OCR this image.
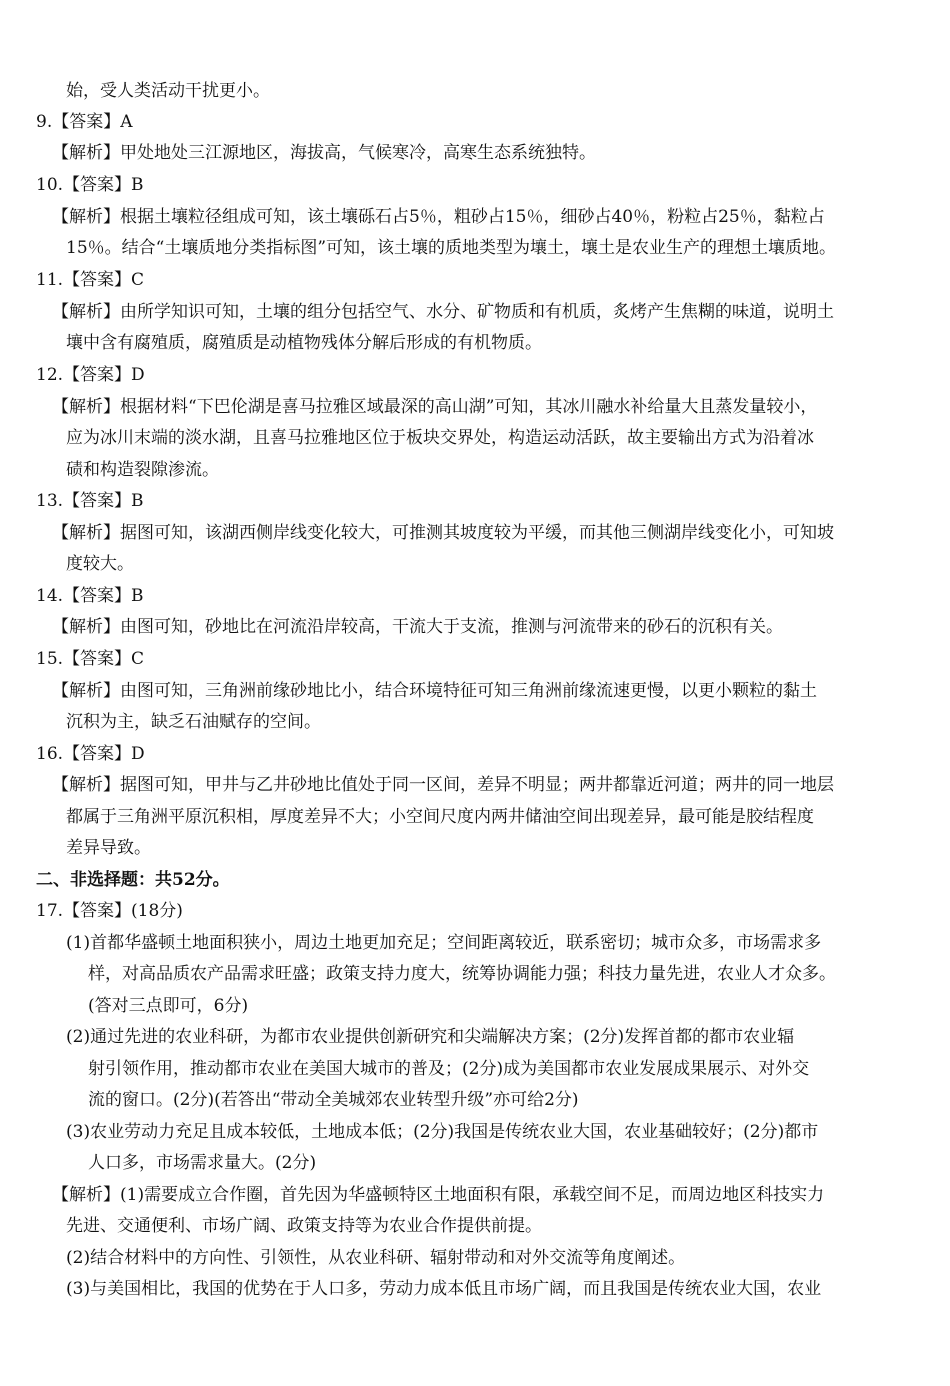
始，受人类活动干扰更小。
9.【答案】A
【解析】甲处地处三江源地区，海拔高，气候寒冷，高寒生态系统独特。
10.【答案】B
【解析】根据土壤粒径组成可知，该土壤砾石占5％，粗砂占15％，细砂占40％，粉粒占25％，黏粒占
15％。结合“土壤质地分类指标图”可知，该土壤的质地类型为壤土，壤土是农业生产的理想土壤质地。
11.【答案】C
【解析】由所学知识可知，土壤的组分包括空气、水分、矿物质和有机质，炙烤产生焦糊的味道，说明土
壤中含有腐殖质，腐殖质是动植物残体分解后形成的有机物质。
12.【答案】D
【解析】根据材料“下巴伦湖是喜马拉雅区域最深的高山湖”可知，其冰川融水补给量大且蒸发量较小，
应为冰川末端的淡水湖，且喜马拉雅地区位于板块交界处，构造运动活跃，故主要输出方式为沿着冰
碛和构造裂隙渗流。
13.【答案】B
【解析】据图可知，该湖西侧岸线变化较大，可推测其坡度较为平缓，而其他三侧湖岸线变化小，可知坡
度较大。
14.【答案】B
【解析】由图可知，砂地比在河流沿岸较高，干流大于支流，推测与河流带来的砂石的沉积有关。
15.【答案】C
【解析】由图可知，三角洲前缘砂地比小，结合环境特征可知三角洲前缘流速更慢，以更小颗粒的黏土
沉积为主，缺乏石油赋存的空间。
16.【答案】D
【解析】据图可知，甲井与乙井砂地比值处于同一区间，差异不明显；两井都靠近河道；两井的同一地层
都属于三角洲平原沉积相，厚度差异不大；小空间尺度内两井储油空间出现差异，最可能是胶结程度
差异导致。
二、非选择题：共52分。
17.【答案】(18分)
(1)首都华盛顿土地面积狭小，周边土地更加充足；空间距离较近，联系密切；城市众多，市场需求多
样，对高品质农产品需求旺盛；政策支持力度大，统筹协调能力强；科技力量先进，农业人才众多。
(答对三点即可，6分)
(2)通过先进的农业科研，为都市农业提供创新研究和尖端解决方案；(2分)发挥首都的都市农业辐
射引领作用，推动都市农业在美国大城市的普及；(2分)成为美国都市农业发展成果展示、对外交
流的窗口。(2分)(若答出“带动全美城郊农业转型升级”亦可给2分)
(3)农业劳动力充足且成本较低，土地成本低；(2分)我国是传统农业大国，农业基础较好；(2分)都市
人口多，市场需求量大。(2分)
【解析】(1)需要成立合作圈，首先因为华盛顿特区土地面积有限，承载空间不足，而周边地区科技实力
先进、交通便利、市场广阔、政策支持等为农业合作提供前提。
(2)结合材料中的方向性、引领性，从农业科研、辐射带动和对外交流等角度阐述。
(3)与美国相比，我国的优势在于人口多，劳动力成本低且市场广阔，而且我国是传统农业大国，农业
